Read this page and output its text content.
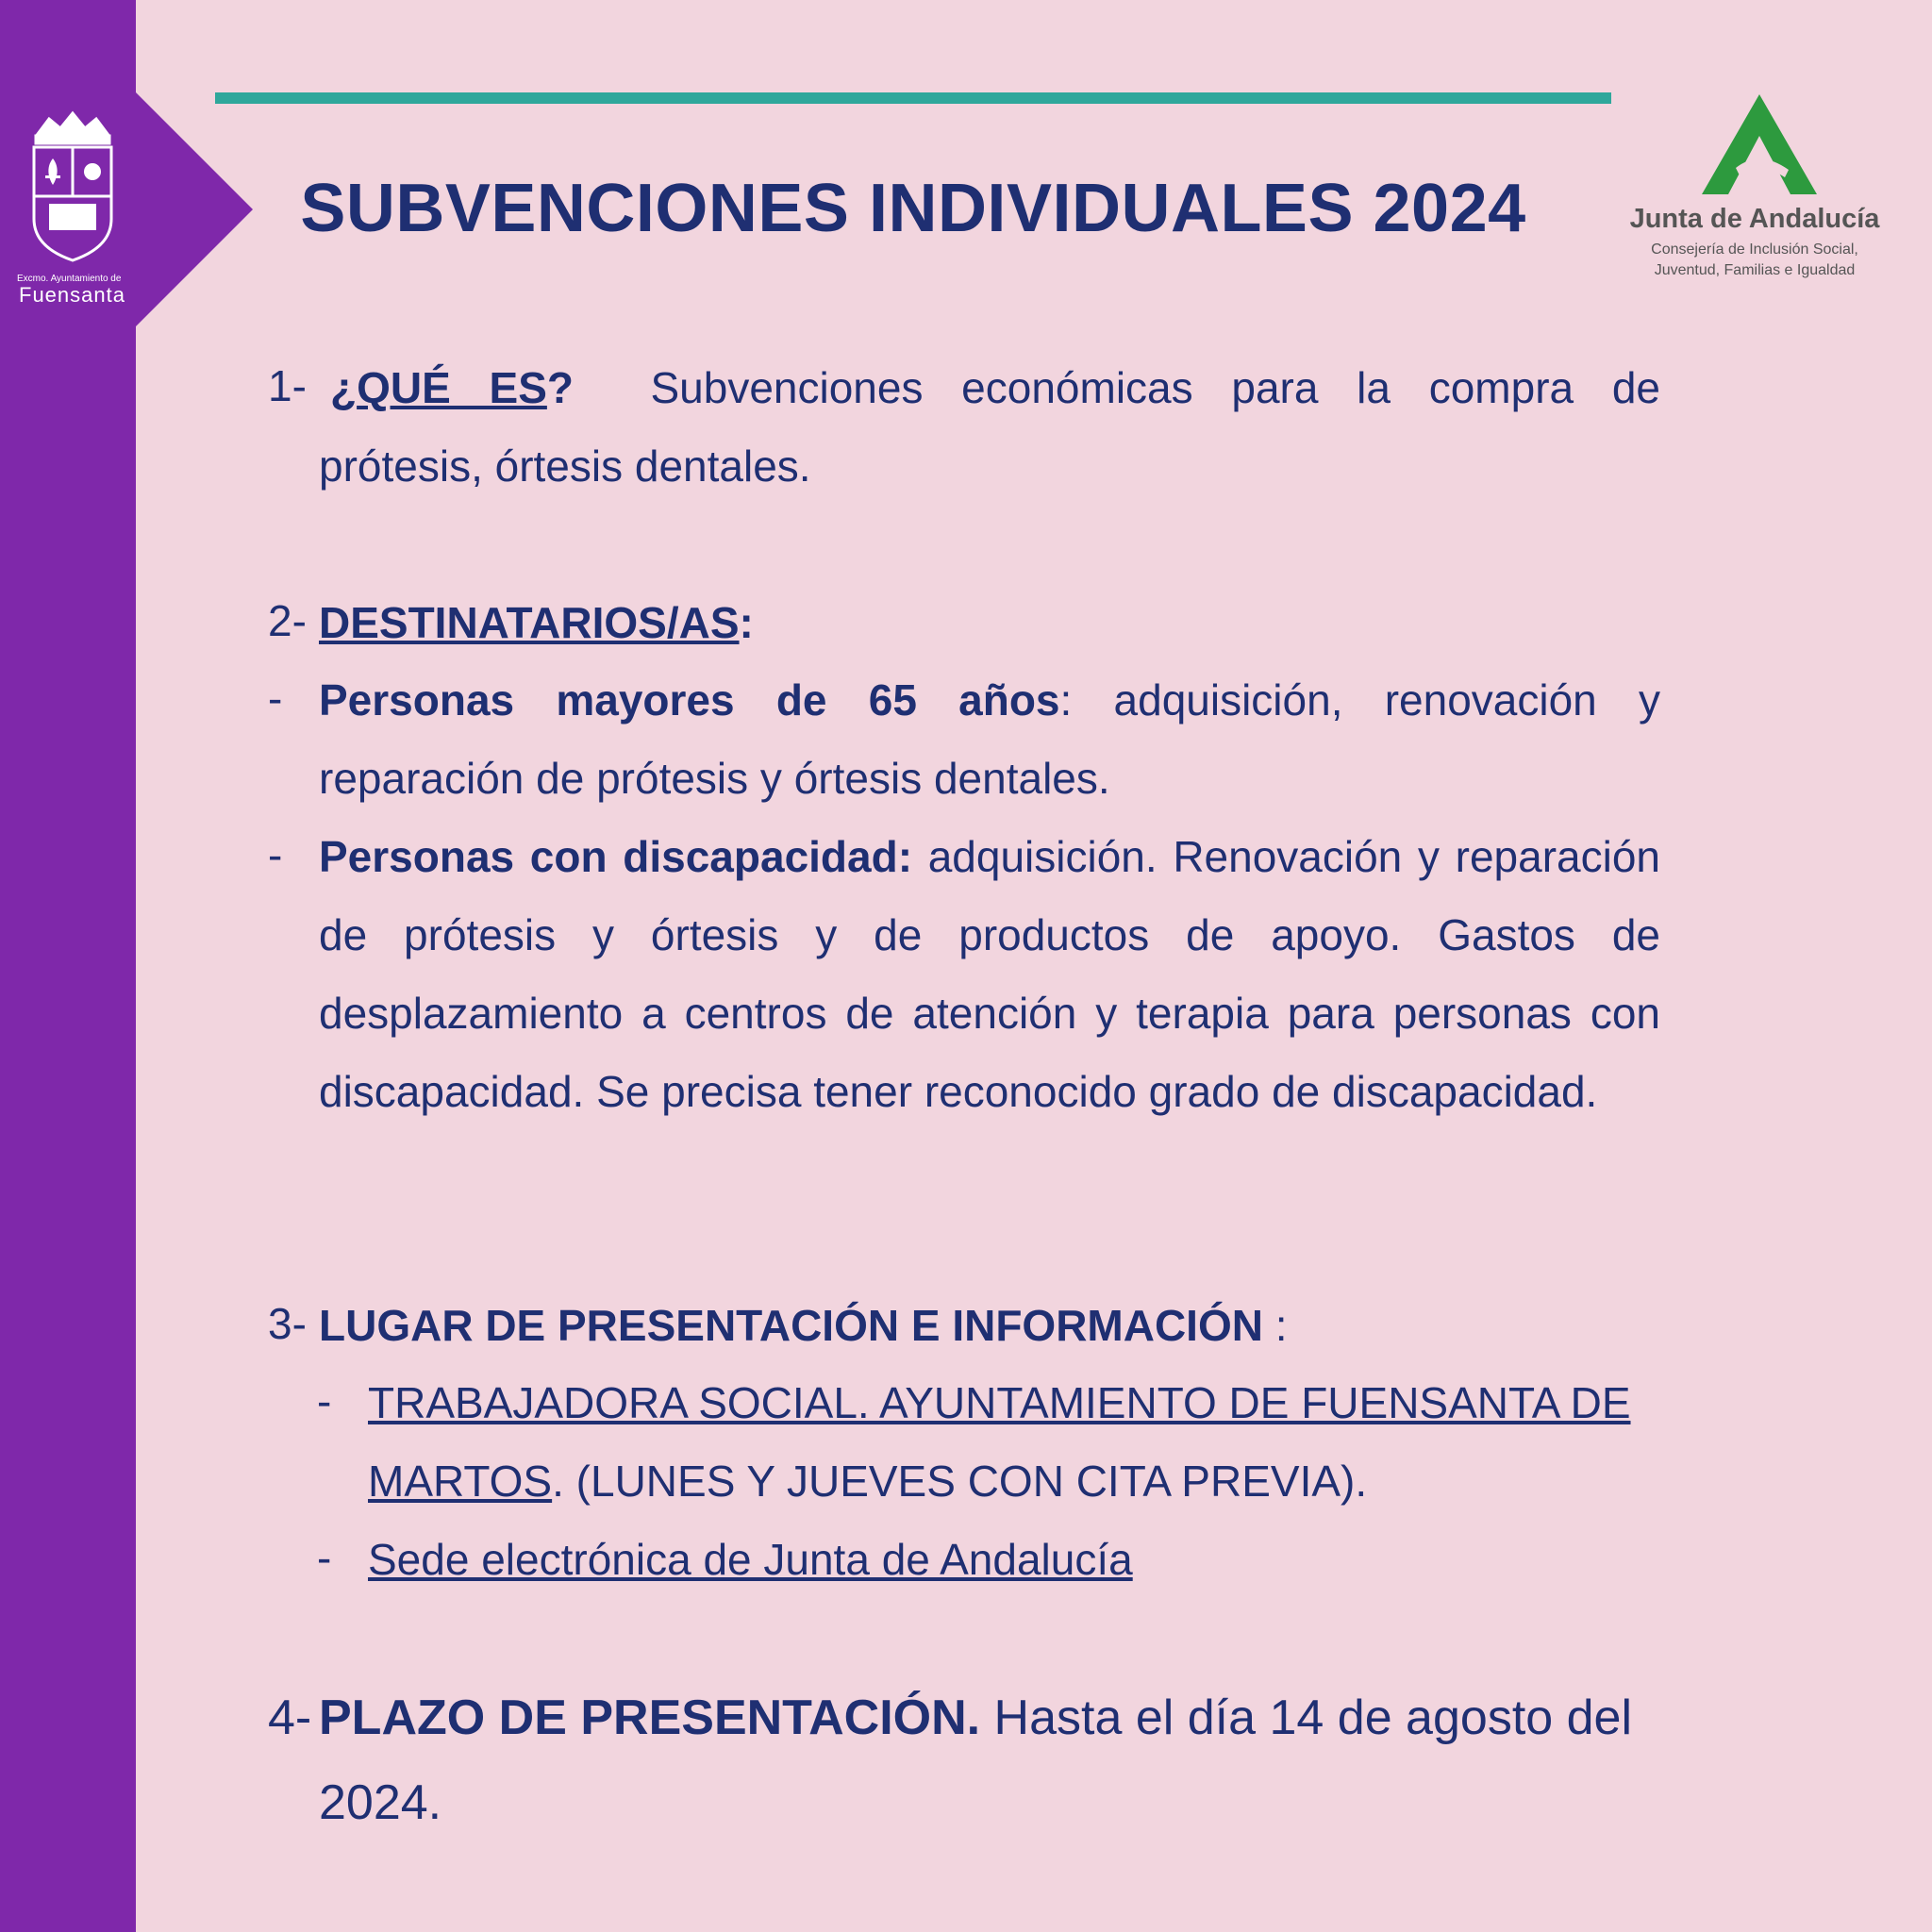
Excmo. Ayuntamiento de
Fuensanta
SUBVENCIONES INDIVIDUALES 2024	Junta de Andalucía
Consejería de Inclusión Social,
Juventud, Familias e Igualdad
1- ¿QUÉ ES? Subvenciones económicas para la compra de
prótesis, órtesis dentales.
2- DESTINATARIOS/AS:
- Personas mayores de 65 años: adquisición, renovación y reparación de prótesis y órtesis dentales.
- Personas con discapacidad: adquisición. Renovación y reparación de prótesis y órtesis y de productos de apoyo. Gastos de desplazamiento a centros de atención y terapia para personas con discapacidad. Se precisa tener reconocido grado de discapacidad.
3- LUGAR DE PRESENTACIÓN E INFORMACIÓN :
- TRABAJADORA SOCIAL. AYUNTAMIENTO DE FUENSANTA DE MARTOS. (LUNES Y JUEVES CON CITA PREVIA).
- Sede electrónica de Junta de Andalucía
4- PLAZO DE PRESENTACIÓN. Hasta el día 14 de agosto del 2024.
